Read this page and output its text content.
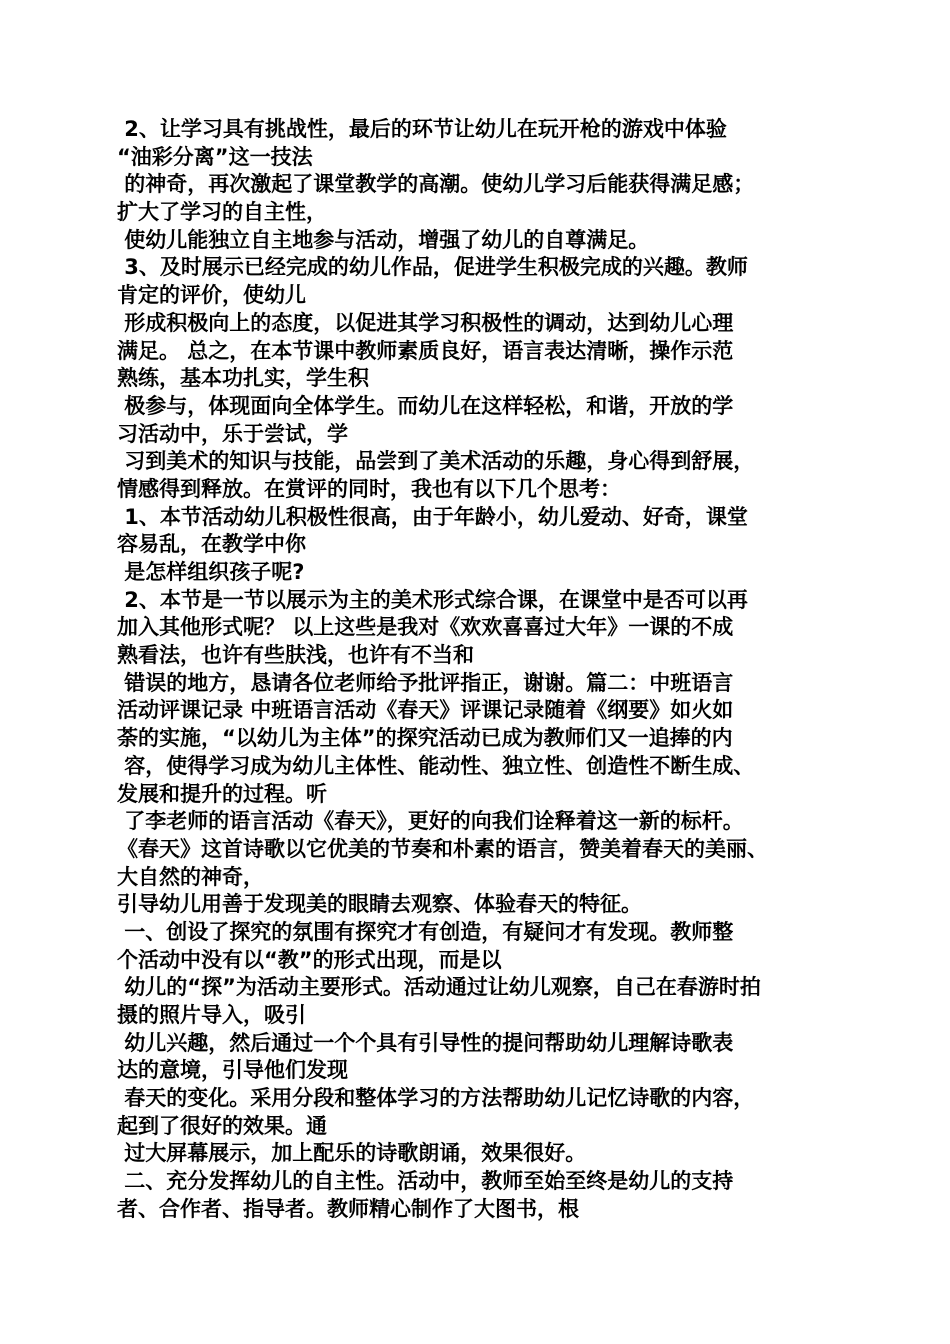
2、让学习具有挑战性，最后的环节让幼儿在玩开枪的游戏中体验
“油彩分离”这一技法
的神奇，再次激起了课堂教学的高潮。使幼儿学习后能获得满足感；
扩大了学习的自主性，
使幼儿能独立自主地参与活动，增强了幼儿的自尊满足。
3、及时展示已经完成的幼儿作品，促进学生积极完成的兴趣。教师
肯定的评价，使幼儿
形成积极向上的态度，以促进其学习积极性的调动，达到幼儿心理
满足。 总之，在本节课中教师素质良好，语言表达清晰，操作示范
熟练，基本功扎实，学生积
极参与，体现面向全体学生。而幼儿在这样轻松，和谐，开放的学
习活动中，乐于尝试，学
习到美术的知识与技能，品尝到了美术活动的乐趣，身心得到舒展，
情感得到释放。在赏评的同时，我也有以下几个思考：
1、本节活动幼儿积极性很高，由于年龄小，幼儿爱动、好奇，课堂
容易乱，在教学中你
是怎样组织孩子呢?
2、本节是一节以展示为主的美术形式综合课，在课堂中是否可以再
加入其他形式呢？ 以上这些是我对《欢欢喜喜过大年》一课的不成
熟看法，也许有些肤浅，也许有不当和
错误的地方，恳请各位老师给予批评指正，谢谢。篇二：中班语言
活动评课记录 中班语言活动《春天》评课记录随着《纲要》如火如
荼的实施，“以幼儿为主体”的探究活动已成为教师们又一追捧的内
容，使得学习成为幼儿主体性、能动性、独立性、创造性不断生成、
发展和提升的过程。听
了李老师的语言活动《春天》，更好的向我们诠释着这一新的标杆。
《春天》这首诗歌以它优美的节奏和朴素的语言，赞美着春天的美丽、
大自然的神奇，
引导幼儿用善于发现美的眼睛去观察、体验春天的特征。
一、创设了探究的氛围有探究才有创造，有疑问才有发现。教师整
个活动中没有以“教”的形式出现，而是以
幼儿的“探”为活动主要形式。活动通过让幼儿观察，自己在春游时拍
摄的照片导入，吸引
幼儿兴趣，然后通过一个个具有引导性的提问帮助幼儿理解诗歌表
达的意境，引导他们发现
春天的变化。采用分段和整体学习的方法帮助幼儿记忆诗歌的内容，
起到了很好的效果。通
过大屏幕展示，加上配乐的诗歌朗诵，效果很好。
二、充分发挥幼儿的自主性。活动中，教师至始至终是幼儿的支持
者、合作者、指导者。教师精心制作了大图书，根
